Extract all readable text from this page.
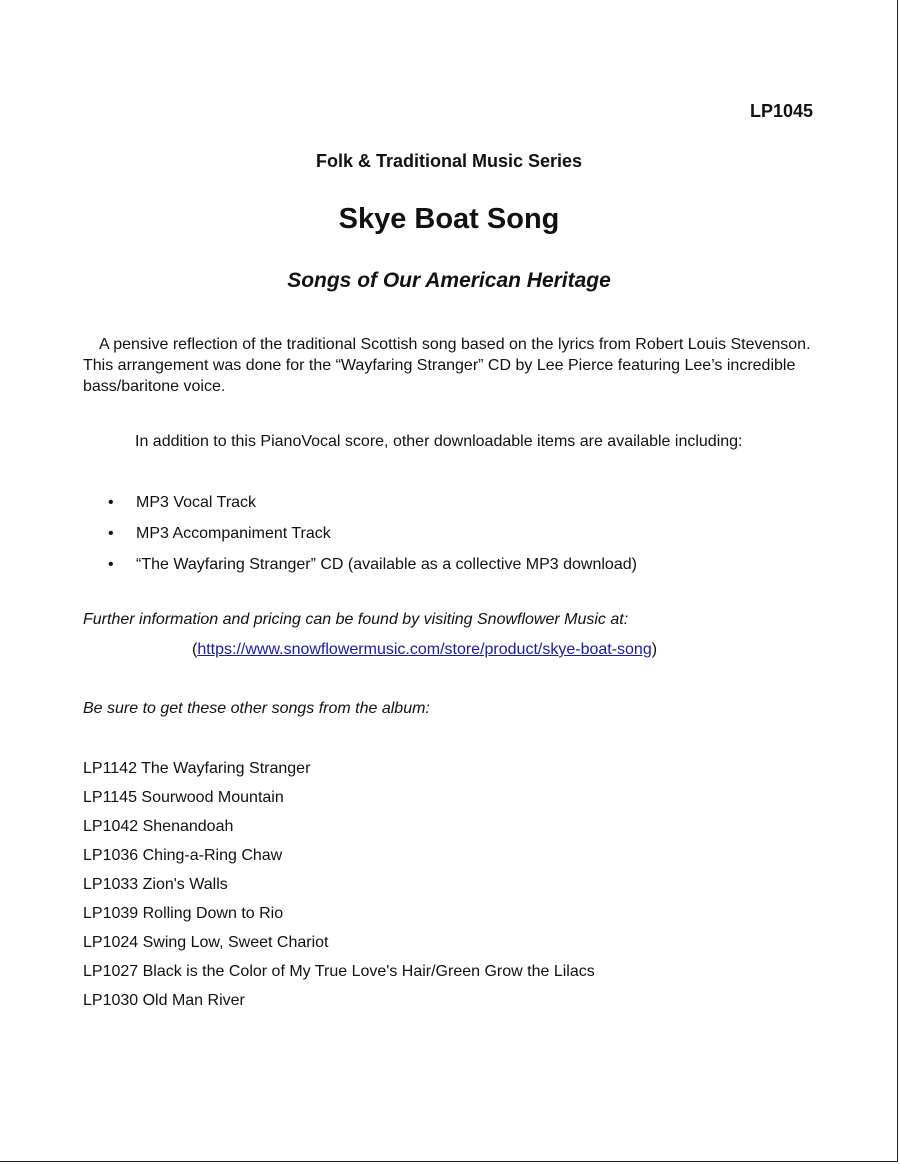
LP1045
Folk & Traditional Music Series
Skye Boat Song
Songs of Our American Heritage

A pensive reflection of the traditional Scottish song based on the lyrics from Robert Louis Stevenson. This arrangement was done for the “Wayfaring Stranger” CD by Lee Pierce featuring Lee’s incredible bass/baritone voice.

In addition to this PianoVocal score, other downloadable items are available including:

• MP3 Vocal Track
• MP3 Accompaniment Track
• “The Wayfaring Stranger” CD (available as a collective MP3 download)

Further information and pricing can be found by visiting Snowflower Music at:

(https://www.snowflowermusic.com/store/product/skye-boat-song)

Be sure to get these other songs from the album:

LP1142 The Wayfaring Stranger
LP1145 Sourwood Mountain
LP1042 Shenandoah
LP1036 Ching-a-Ring Chaw
LP1033 Zion's Walls
LP1039 Rolling Down to Rio
LP1024 Swing Low, Sweet Chariot
LP1027 Black is the Color of My True Love's Hair/Green Grow the Lilacs
LP1030 Old Man River
